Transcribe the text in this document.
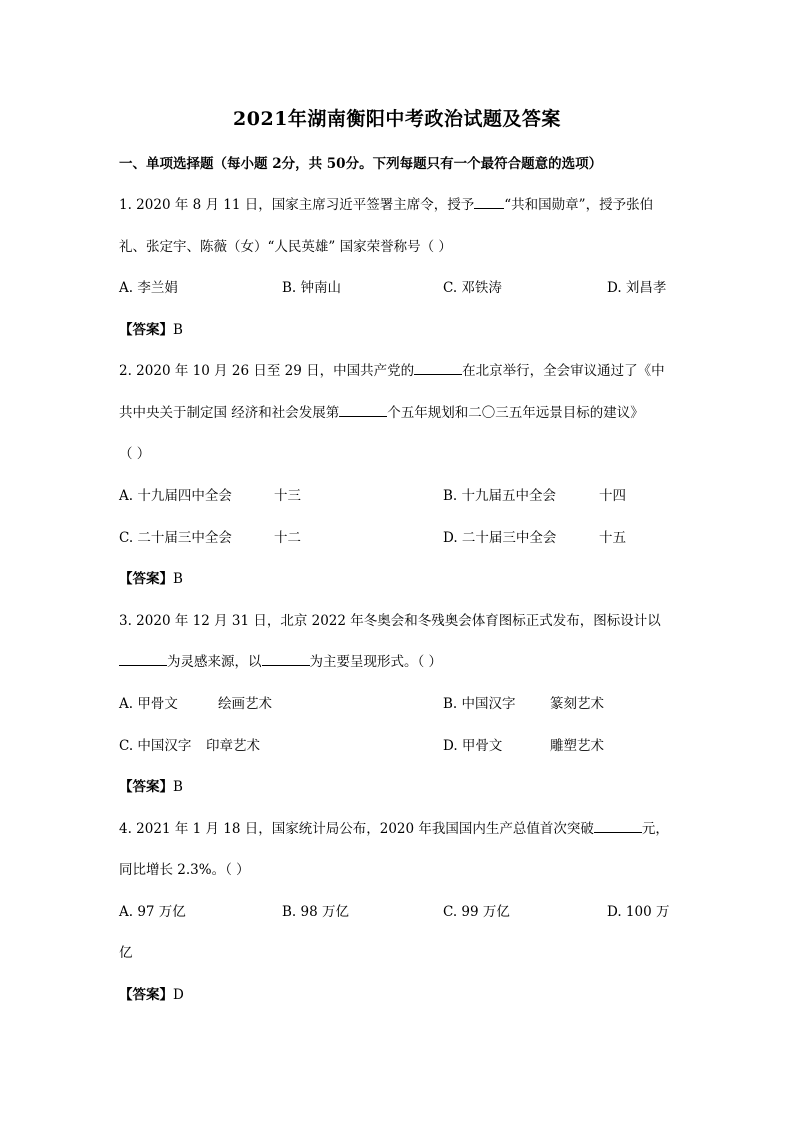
2021年湖南衡阳中考政治试题及答案
一、单项选择题（每小题 2分，共 50分。下列每题只有一个最符合题意的选项）
1. 2020 年 8 月 11 日，国家主席习近平签署主席令，授予 “共和国勋章”，授予张伯
礼、张定宇、陈薇（女）“人民英雄” 国家荣誉称号（ ）
A. 李兰娟	B. 钟南山	C. 邓铁涛	D. 刘昌孝
【答案】B
2. 2020 年 10 月 26 日至 29 日，中国共产党的	在北京举行，全会审议通过了《中
共中央关于制定国 经济和社会发展第	个五年规划和二〇三五年远景目标的建议》
（ ）
A. 十九届四中全会	十三	B. 十九届五中全会	十四
C. 二十届三中全会	十二	D. 二十届三中全会	十五
【答案】B
3. 2020 年 12 月 31 日，北京 2022 年冬奥会和冬残奥会体育图标正式发布，图标设计以
为灵感来源，以	为主要呈现形式。（ ）
A. 甲骨文	绘画艺术	B. 中国汉字	篆刻艺术
C. 中国汉字 印章艺术	D. 甲骨文	雕塑艺术
【答案】B
4. 2021 年 1 月 18 日，国家统计局公布，2020 年我国国内生产总值首次突破	元，
同比增长 2.3%。（ ）
A. 97 万亿	B. 98 万亿	C. 99 万亿	D. 100 万
亿
【答案】D
